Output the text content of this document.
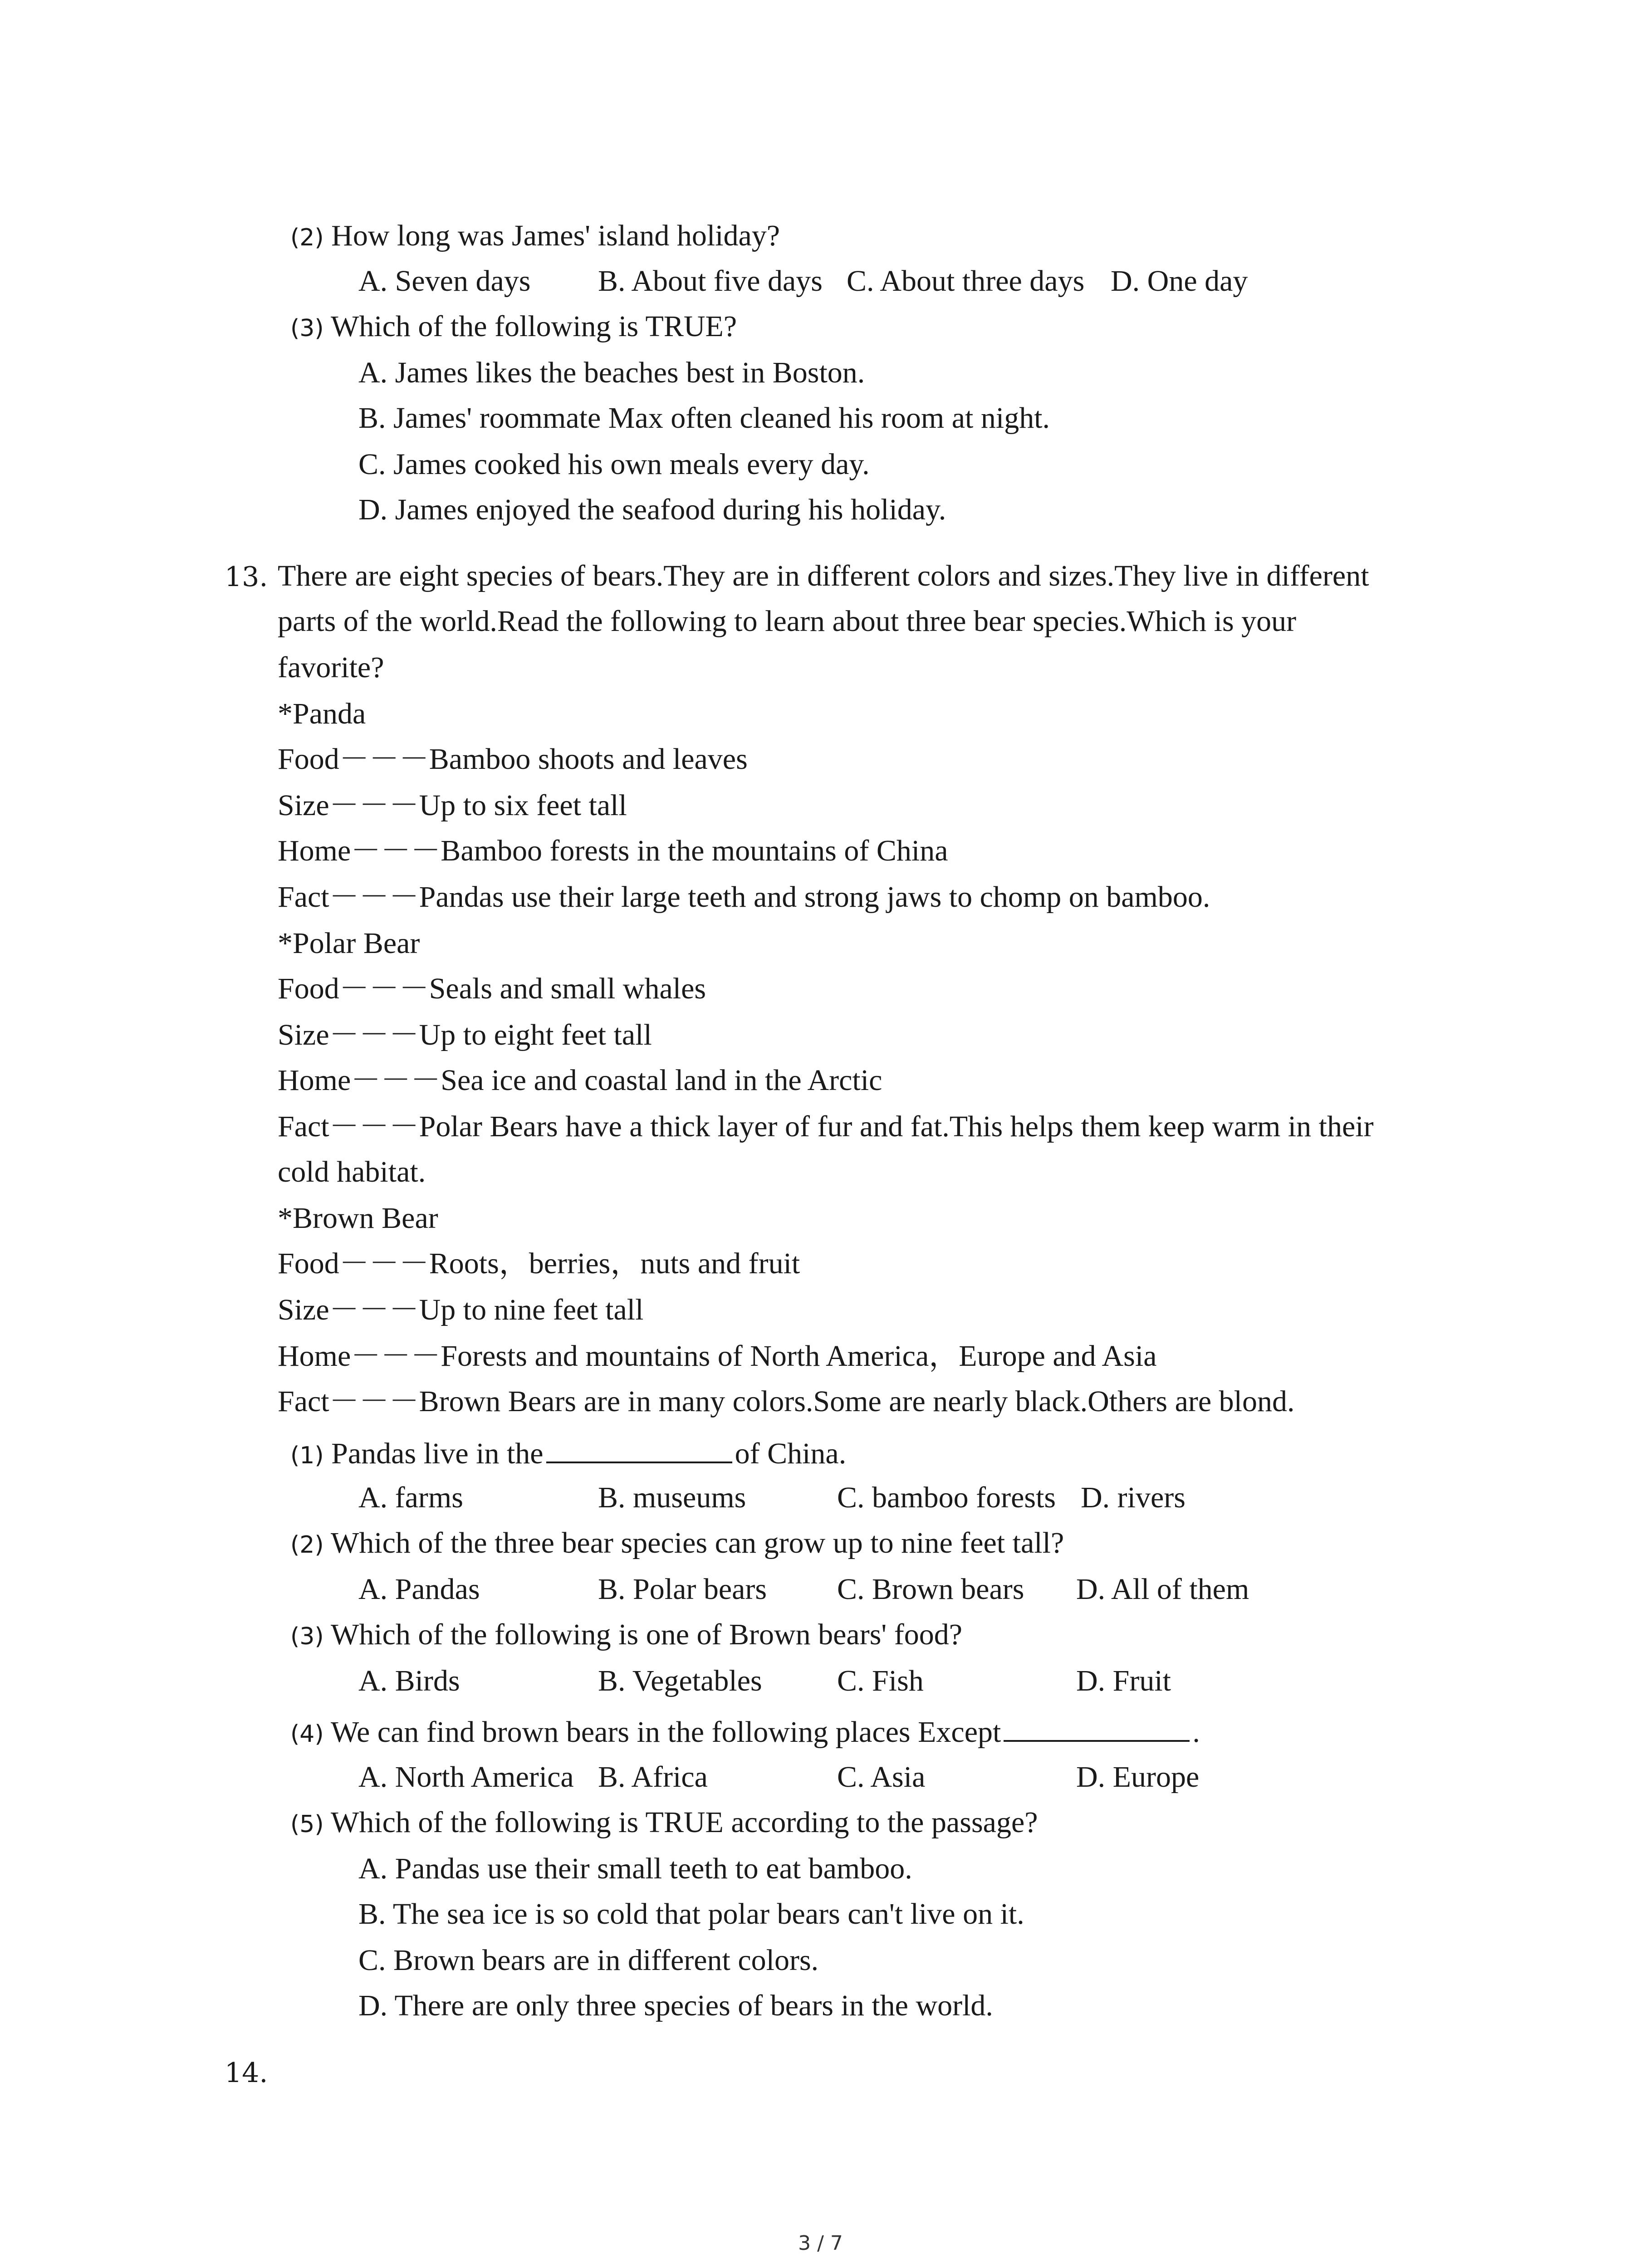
(2) How long was James' island holiday?
A. Seven days B. About five days C. About three days D. One day
(3) Which of the following is TRUE?
A. James likes the beaches best in Boston.
B. James' roommate Max often cleaned his room at night.
C. James cooked his own meals every day.
D. James enjoyed the seafood during his holiday.
13. There are eight species of bears.They are in different colors and sizes.They live in different
parts of the world.Read the following to learn about three bear species.Which is your
favorite?
*Panda
Food－－－Bamboo shoots and leaves
Size－－－Up to six feet tall
Home－－－Bamboo forests in the mountains of China
Fact－－－Pandas use their large teeth and strong jaws to chomp on bamboo.
*Polar Bear
Food－－－Seals and small whales
Size－－－Up to eight feet tall
Home－－－Sea ice and coastal land in the Arctic
Fact－－－Polar Bears have a thick layer of fur and fat.This helps them keep warm in their
cold habitat.
*Brown Bear
Food－－－Roots，berries，nuts and fruit
Size－－－Up to nine feet tall
Home－－－Forests and mountains of North America，Europe and Asia
Fact－－－Brown Bears are in many colors.Some are nearly black.Others are blond.
(1) Pandas live in the	of China.
A. farms	B. museums	C. bamboo forests D. rivers
(2) Which of the three bear species can grow up to nine feet tall?
A. Pandas	B. Polar bears C. Brown bears D. All of them
(3) Which of the following is one of Brown bears' food?
A. Birds	B. Vegetables	C. Fish	D. Fruit
(4) We can find brown bears in the following places Except	.
A. North America B. Africa	C. Asia	D. Europe
(5) Which of the following is TRUE according to the passage?
A. Pandas use their small teeth to eat bamboo.
B. The sea ice is so cold that polar bears can't live on it.
C. Brown bears are in different colors.
D. There are only three species of bears in the world.
14.
3 / 7
